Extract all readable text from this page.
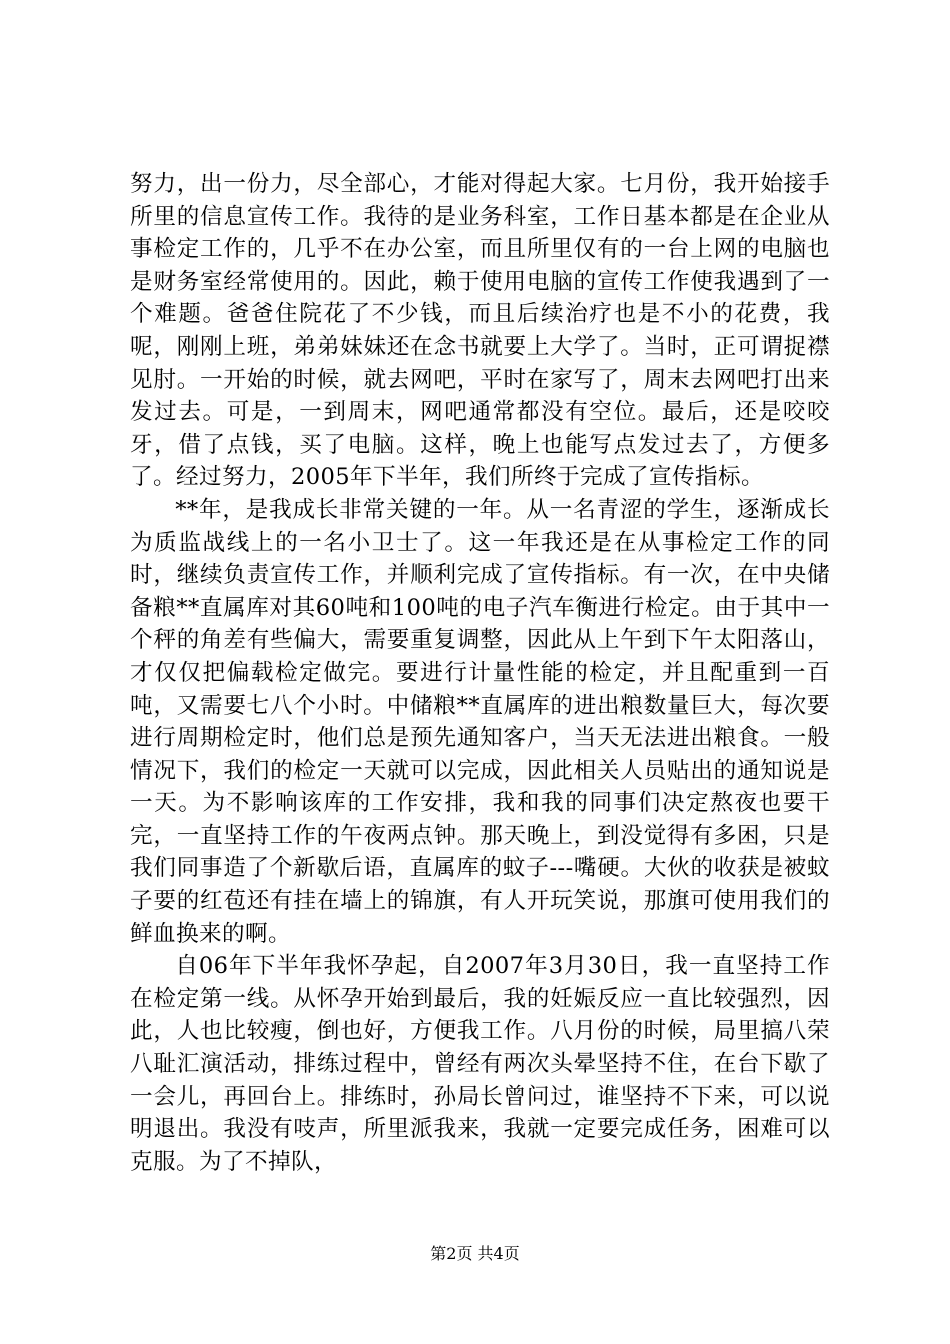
努力，出一份力，尽全部心，才能对得起大家。七月份，我开始接手所里的信息宣传工作。我待的是业务科室，工作日基本都是在企业从事检定工作的，几乎不在办公室，而且所里仅有的一台上网的电脑也是财务室经常使用的。因此，赖于使用电脑的宣传工作使我遇到了一个难题。爸爸住院花了不少钱，而且后续治疗也是不小的花费，我呢，刚刚上班，弟弟妹妹还在念书就要上大学了。当时，正可谓捉襟见肘。一开始的时候，就去网吧，平时在家写了，周末去网吧打出来发过去。可是，一到周末，网吧通常都没有空位。最后，还是咬咬牙，借了点钱，买了电脑。这样，晚上也能写点发过去了，方便多了。经过努力，2005年下半年，我们所终于完成了宣传指标。

**年，是我成长非常关键的一年。从一名青涩的学生，逐渐成长为质监战线上的一名小卫士了。这一年我还是在从事检定工作的同时，继续负责宣传工作，并顺利完成了宣传指标。有一次，在中央储备粮**直属库对其60吨和100吨的电子汽车衡进行检定。由于其中一个秤的角差有些偏大，需要重复调整，因此从上午到下午太阳落山，才仅仅把偏载检定做完。要进行计量性能的检定，并且配重到一百吨，又需要七八个小时。中储粮**直属库的进出粮数量巨大，每次要进行周期检定时，他们总是预先通知客户，当天无法进出粮食。一般情况下，我们的检定一天就可以完成，因此相关人员贴出的通知说是一天。为不影响该库的工作安排，我和我的同事们决定熬夜也要干完，一直坚持工作的午夜两点钟。那天晚上，到没觉得有多困，只是我们同事造了个新歇后语，直属库的蚊子---嘴硬。大伙的收获是被蚊子要的红苞还有挂在墙上的锦旗，有人开玩笑说，那旗可使用我们的鲜血换来的啊。

自06年下半年我怀孕起，自2007年3月30日，我一直坚持工作在检定第一线。从怀孕开始到最后，我的妊娠反应一直比较强烈，因此，人也比较瘦，倒也好，方便我工作。八月份的时候，局里搞八荣八耻汇演活动，排练过程中，曾经有两次头晕坚持不住，在台下歇了一会儿，再回台上。排练时，孙局长曾问过，谁坚持不下来，可以说明退出。我没有吱声，所里派我来，我就一定要完成任务，困难可以克服。为了不掉队，

第2页 共4页
